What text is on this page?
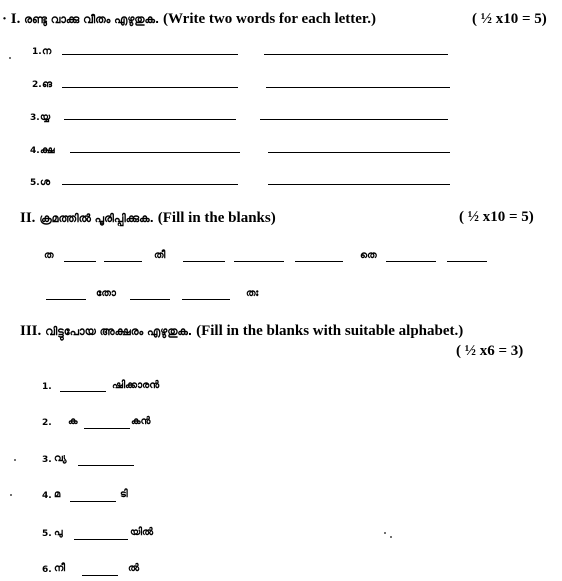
· I. രണ്ടു വാക്കു വീതം എഴുതുക. (Write two words for each letter.)	( ½ x10 = 5)
1. ന
2. ങ
3. യ്യ
4. ക്ഷ
5. ശ
II. ക്രമത്തിൽ പൂരിപ്പിക്കുക. (Fill in the blanks)	( ½ x10 = 5)
ത	തീ	തെ
തോ	തഃ
III. വിട്ടുപോയ അക്ഷരം എഴുതുക. (Fill in the blanks with suitable alphabet.)
( ½ x6 = 3)
1.	ഷിക്കാരൻ
2. ക	കൻ
3. വ്യ
4. മ	ടി
5. പു	യിൽ
6. നീ	ൽ
